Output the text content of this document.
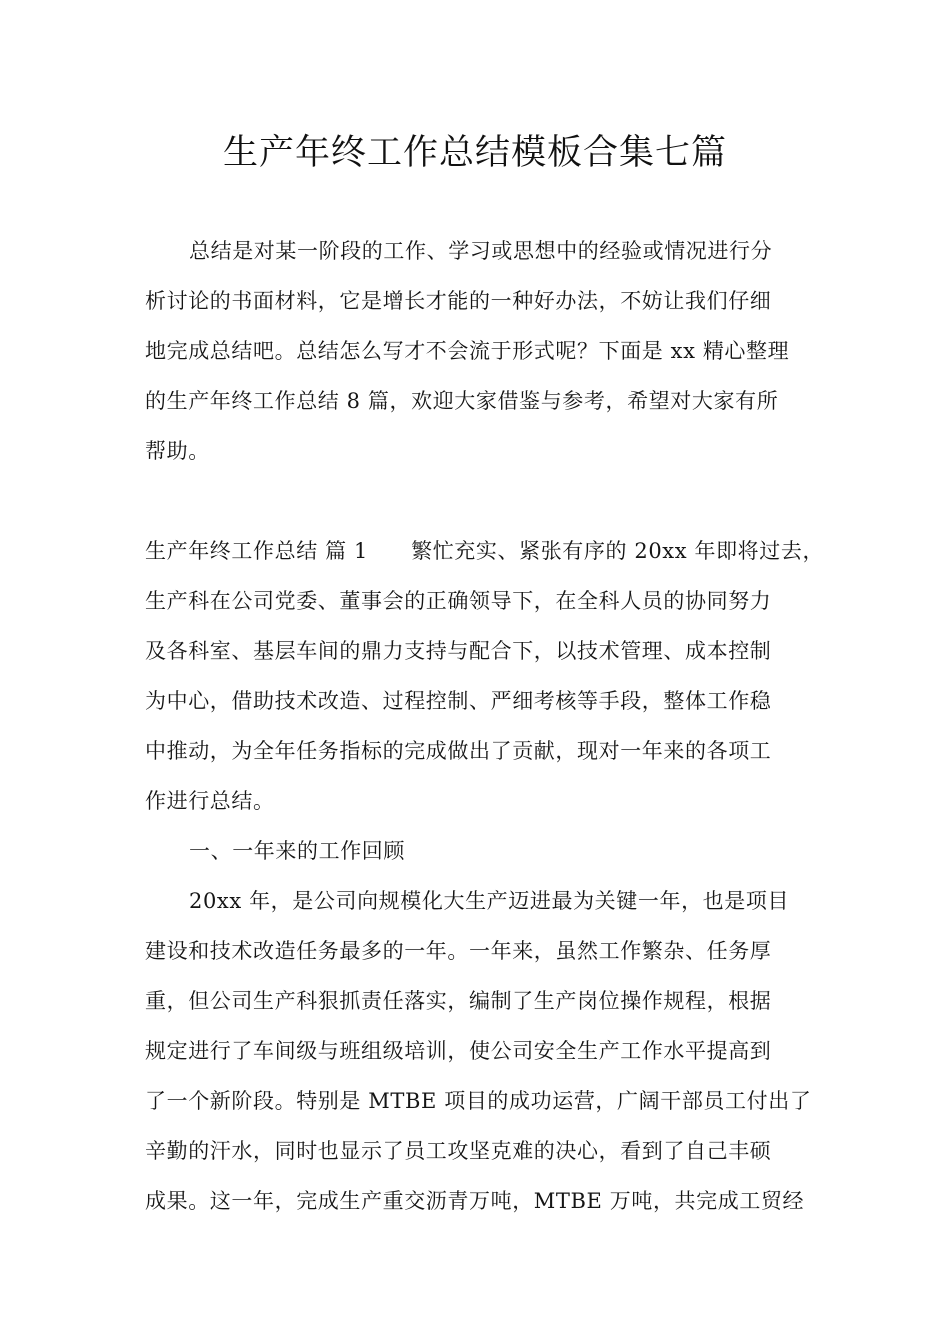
生产年终工作总结模板合集七篇
总结是对某一阶段的工作、学习或思想中的经验或情况进行分
析讨论的书面材料，它是增长才能的一种好办法，不妨让我们仔细
地完成总结吧。总结怎么写才不会流于形式呢？下面是 xx 精心整理
的生产年终工作总结 8 篇，欢迎大家借鉴与参考，希望对大家有所
帮助。
生产年终工作总结 篇 1　　繁忙充实、紧张有序的 20xx 年即将过去，
生产科在公司党委、董事会的正确领导下，在全科人员的协同努力
及各科室、基层车间的鼎力支持与配合下，以技术管理、成本控制
为中心，借助技术改造、过程控制、严细考核等手段，整体工作稳
中推动，为全年任务指标的完成做出了贡献，现对一年来的各项工
作进行总结。
一、一年来的工作回顾
20xx 年，是公司向规模化大生产迈进最为关键一年，也是项目
建设和技术改造任务最多的一年。一年来，虽然工作繁杂、任务厚
重，但公司生产科狠抓责任落实，编制了生产岗位操作规程，根据
规定进行了车间级与班组级培训，使公司安全生产工作水平提高到
了一个新阶段。特别是 MTBE 项目的成功运营，广阔干部员工付出了
辛勤的汗水，同时也显示了员工攻坚克难的决心，看到了自己丰硕
成果。这一年，完成生产重交沥青万吨，MTBE 万吨，共完成工贸经
